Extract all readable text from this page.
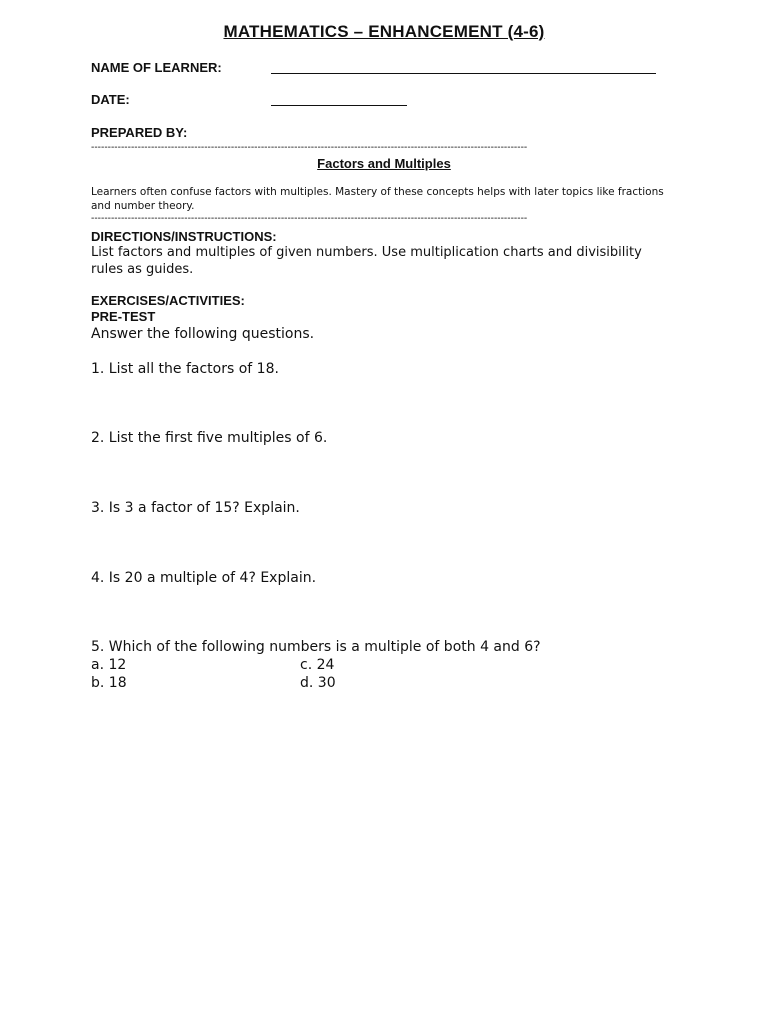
MATHEMATICS – ENHANCEMENT (4-6)
NAME OF LEARNER:
DATE:
PREPARED BY:
-----------------------------------------------------------------------------------------------------------------------------------
Factors and Multiples
Learners often confuse factors with multiples. Mastery of these concepts helps with later topics like fractions and number theory.
-----------------------------------------------------------------------------------------------------------------------------------
DIRECTIONS/INSTRUCTIONS:
List factors and multiples of given numbers. Use multiplication charts and divisibility rules as guides.
EXERCISES/ACTIVITIES:
PRE-TEST
Answer the following questions.
1. List all the factors of 18.
2. List the first five multiples of 6.
3. Is 3 a factor of 15? Explain.
4. Is 20 a multiple of 4? Explain.
5. Which of the following numbers is a multiple of both 4 and 6?
a. 12	c. 24
b. 18	d. 30
